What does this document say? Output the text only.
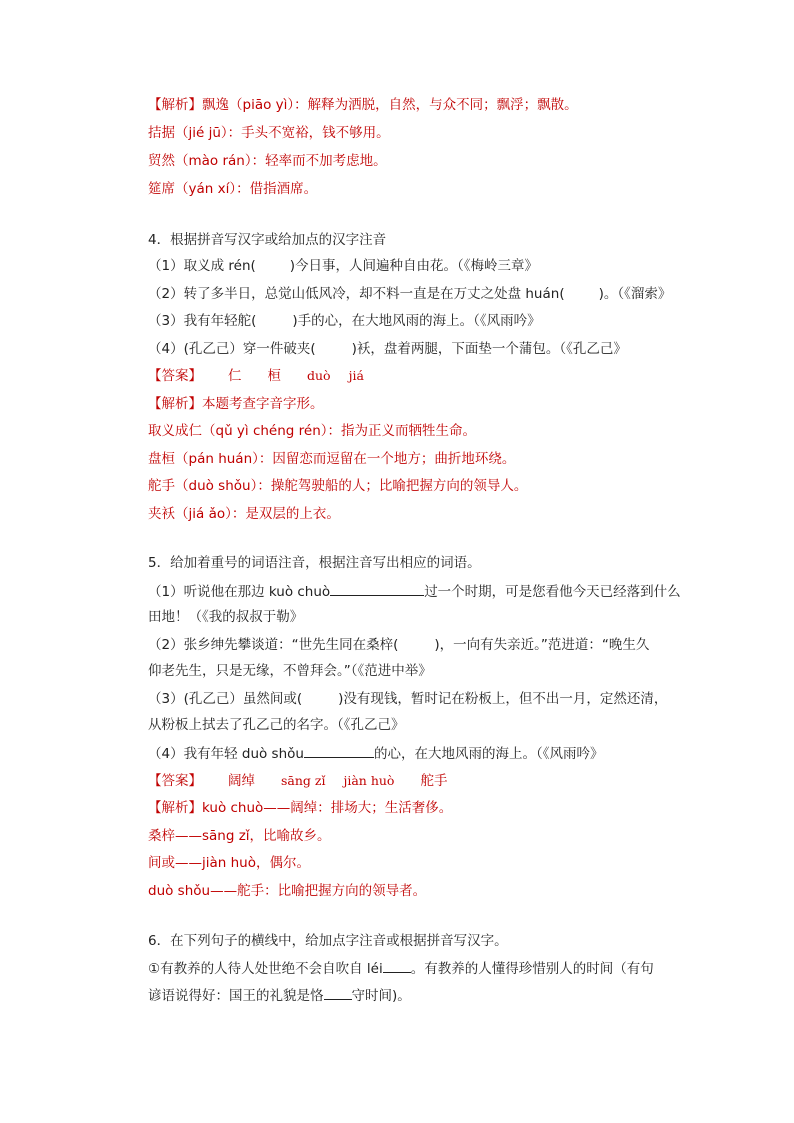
【解析】飘逸（piāo yì）：解释为洒脱，自然，与众不同；飘浮；飘散。
拮据（jié jū）：手头不宽裕，钱不够用。
贸然（mào rán）：轻率而不加考虑地。
筵席（yán xí）：借指酒席。
4．根据拼音写汉字或给加点的汉字注音
（1）取义成 rén(	)今日事，人间遍种自由花。（《梅岭三章》
（2）转了多半日，总觉山低风冷，却不料一直是在万丈之处盘 huán(	)。（《溜索》
（3）我有年轻舵(	)手的心，在大地风雨的海上。（《风雨吟》
（4）(孔乙己）穿一件破夹(	)袄，盘着两腿，下面垫一个蒲包。（《孔乙己》
【答案】 仁 桓 duò jiá
【解析】本题考查字音字形。
取义成仁（qǔ yì chéng rén）：指为正义而牺牲生命。
盘桓（pán huán）：因留恋而逗留在一个地方；曲折地环绕。
舵手（duò shǒu）：操舵驾驶船的人；比喻把握方向的领导人。
夹袄（jiá ǎo）：是双层的上衣。
5．给加着重号的词语注音，根据注音写出相应的词语。
（1）听说他在那边 kuò chuò	过一个时期，可是您看他今天已经落到什么
田地！（《我的叔叔于勒》
（2）张乡绅先攀谈道：“世先生同在桑梓(	)，一向有失亲近。”范进道：“晚生久
仰老先生，只是无缘，不曾拜会。”（《范进中举》
（3）(孔乙己）虽然间或(	)没有现钱，暂时记在粉板上，但不出一月，定然还清，
从粉板上拭去了孔乙己的名字。（《孔乙己》
（4）我有年轻 duò shǒu	的心，在大地风雨的海上。（《风雨吟》
【答案】 阔绰 sāng zǐ jiàn huò 舵手
【解析】kuò chuò——阔绰：排场大；生活奢侈。
桑梓——sāng zǐ，比喻故乡。
间或——jiàn huò，偶尔。
duò shǒu——舵手：比喻把握方向的领导者。
6．在下列句子的横线中，给加点字注音或根据拼音写汉字。
①有教养的人待人处世绝不会自吹自 léi 。有教养的人懂得珍惜别人的时间（有句
谚语说得好：国王的礼貌是恪 守时间)。
